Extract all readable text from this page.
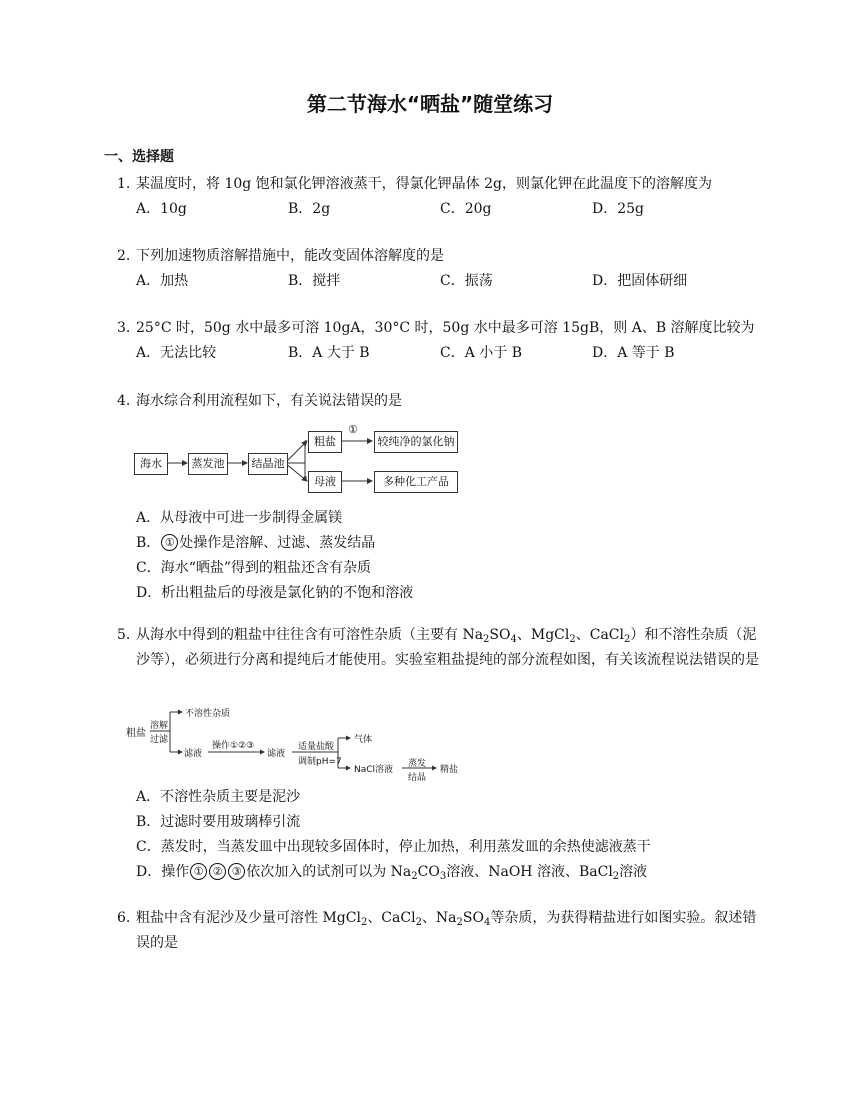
第二节海水“晒盐”随堂练习
一、选择题
1. 某温度时，将 10g 饱和氯化钾溶液蒸干，得氯化钾晶体 2g，则氯化钾在此温度下的溶解度为
A．10g	B．2g	C．20g	D．25g
2. 下列加速物质溶解措施中，能改变固体溶解度的是
A．加热	B．搅拌	C．振荡	D．把固体研细
3. 25°C 时，50g 水中最多可溶 10gA，30°C 时，50g 水中最多可溶 15gB，则 A、B 溶解度比较为
A．无法比较	B．A 大于 B	C．A 小于 B	D．A 等于 B
4. 海水综合利用流程如下，有关说法错误的是
海水	蒸发池	结晶池
粗盐
母液
①
较纯净的氯化钠
多种化工产品
A．从母液中可进一步制得金属镁
B． ① 处操作是溶解、过滤、蒸发结晶
C．海水“晒盐”得到的粗盐还含有杂质
D．析出粗盐后的母液是氯化钠的不饱和溶液
5. 从海水中得到的粗盐中往往含有可溶性杂质（主要有 $Na_2SO_4$、MgCl$_2$、CaCl$_2$）和不溶性杂质（泥沙等），必须进行分离和提纯后才能使用。实验室粗盐提纯的部分流程如图，有关该流程说法错误的是
粗盐
溶解
过滤
不溶性杂质
滤液
操作①②③
滤液
适量盐酸
调制pH=7
气体
NaCl溶液
蒸发
结晶
精盐
A．不溶性杂质主要是泥沙
B．过滤时要用玻璃棒引流
C．蒸发时，当蒸发皿中出现较多固体时，停止加热，利用蒸发皿的余热使滤液蒸干
D．操作 ① ② ③ 依次加入的试剂可以为 $Na_2CO_3$溶液、NaOH 溶液、BaCl$_2$溶液
6. 粗盐中含有泥沙及少量可溶性 MgCl$_2$、CaCl$_2$、$Na_2SO_4$等杂质，为获得精盐进行如图实验。叙述错误的是
